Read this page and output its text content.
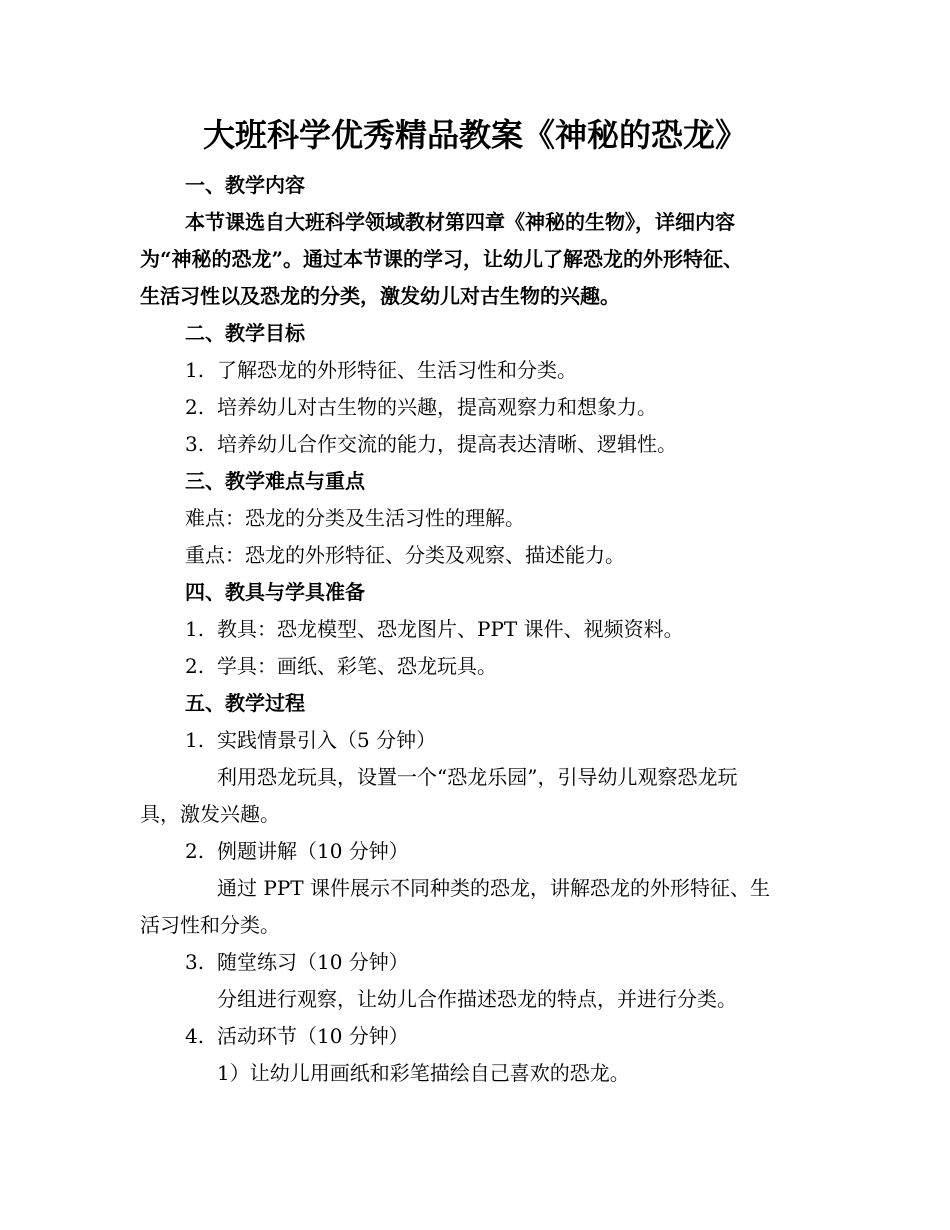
大班科学优秀精品教案《神秘的恐龙》
一、教学内容
本节课选自大班科学领域教材第四章《神秘的生物》，详细内容
为“神秘的恐龙”。通过本节课的学习，让幼儿了解恐龙的外形特征、
生活习性以及恐龙的分类，激发幼儿对古生物的兴趣。
二、教学目标
1. 了解恐龙的外形特征、生活习性和分类。
2. 培养幼儿对古生物的兴趣，提高观察力和想象力。
3. 培养幼儿合作交流的能力，提高表达清晰、逻辑性。
三、教学难点与重点
难点：恐龙的分类及生活习性的理解。
重点：恐龙的外形特征、分类及观察、描述能力。
四、教具与学具准备
1. 教具：恐龙模型、恐龙图片、PPT 课件、视频资料。
2. 学具：画纸、彩笔、恐龙玩具。
五、教学过程
1. 实践情景引入（5 分钟）
利用恐龙玩具，设置一个“恐龙乐园”，引导幼儿观察恐龙玩
具，激发兴趣。
2. 例题讲解（10 分钟）
通过 PPT 课件展示不同种类的恐龙，讲解恐龙的外形特征、生
活习性和分类。
3. 随堂练习（10 分钟）
分组进行观察，让幼儿合作描述恐龙的特点，并进行分类。
4. 活动环节（10 分钟）
1）让幼儿用画纸和彩笔描绘自己喜欢的恐龙。
